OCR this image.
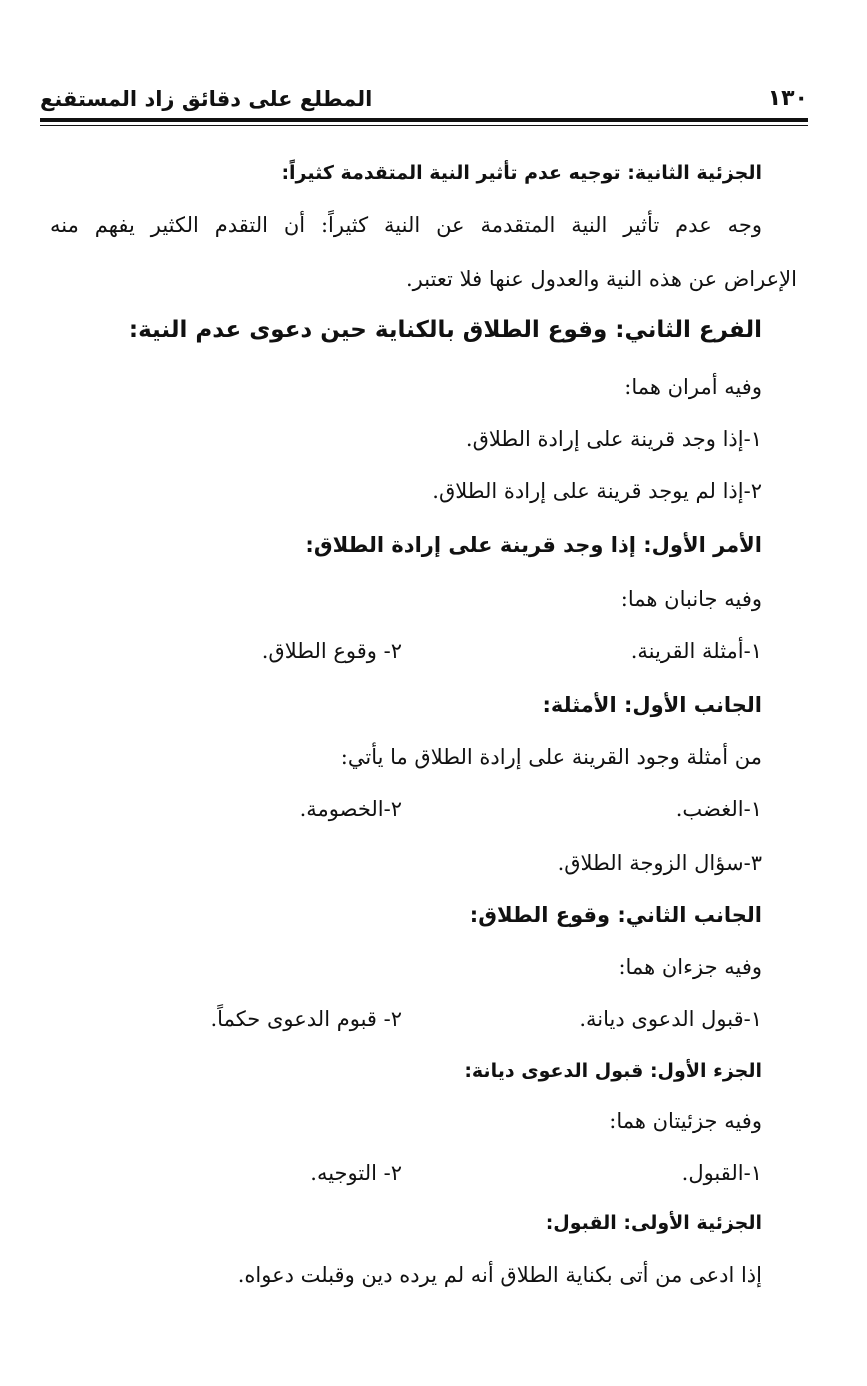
١٣٠
المطلع على دقائق زاد المستقنع
الجزئية الثانية: توجيه عدم تأثير النية المتقدمة كثيراً:
وجه عدم تأثير النية المتقدمة عن النية كثيراً: أن التقدم الكثير يفهم منه
الإعراض عن هذه النية والعدول عنها فلا تعتبر.
الفرع الثاني: وقوع الطلاق بالكناية حين دعوى عدم النية:
وفيه أمران هما:
١-إذا وجد قرينة على إرادة الطلاق.
٢-إذا لم يوجد قرينة على إرادة الطلاق.
الأمر الأول: إذا وجد قرينة على إرادة الطلاق:
وفيه جانبان هما:
١-أمثلة القرينة.
٢- وقوع الطلاق.
الجانب الأول: الأمثلة:
من أمثلة وجود القرينة على إرادة الطلاق ما يأتي:
١-الغضب.
٢-الخصومة.
٣-سؤال الزوجة الطلاق.
الجانب الثاني: وقوع الطلاق:
وفيه جزءان هما:
١-قبول الدعوى ديانة.
٢- قبوم الدعوى حكماً.
الجزء الأول: قبول الدعوى ديانة:
وفيه جزئيتان هما:
١-القبول.
٢- التوجيه.
الجزئية الأولى: القبول:
إذا ادعى من أتى بكناية الطلاق أنه لم يرده دين وقبلت دعواه.
